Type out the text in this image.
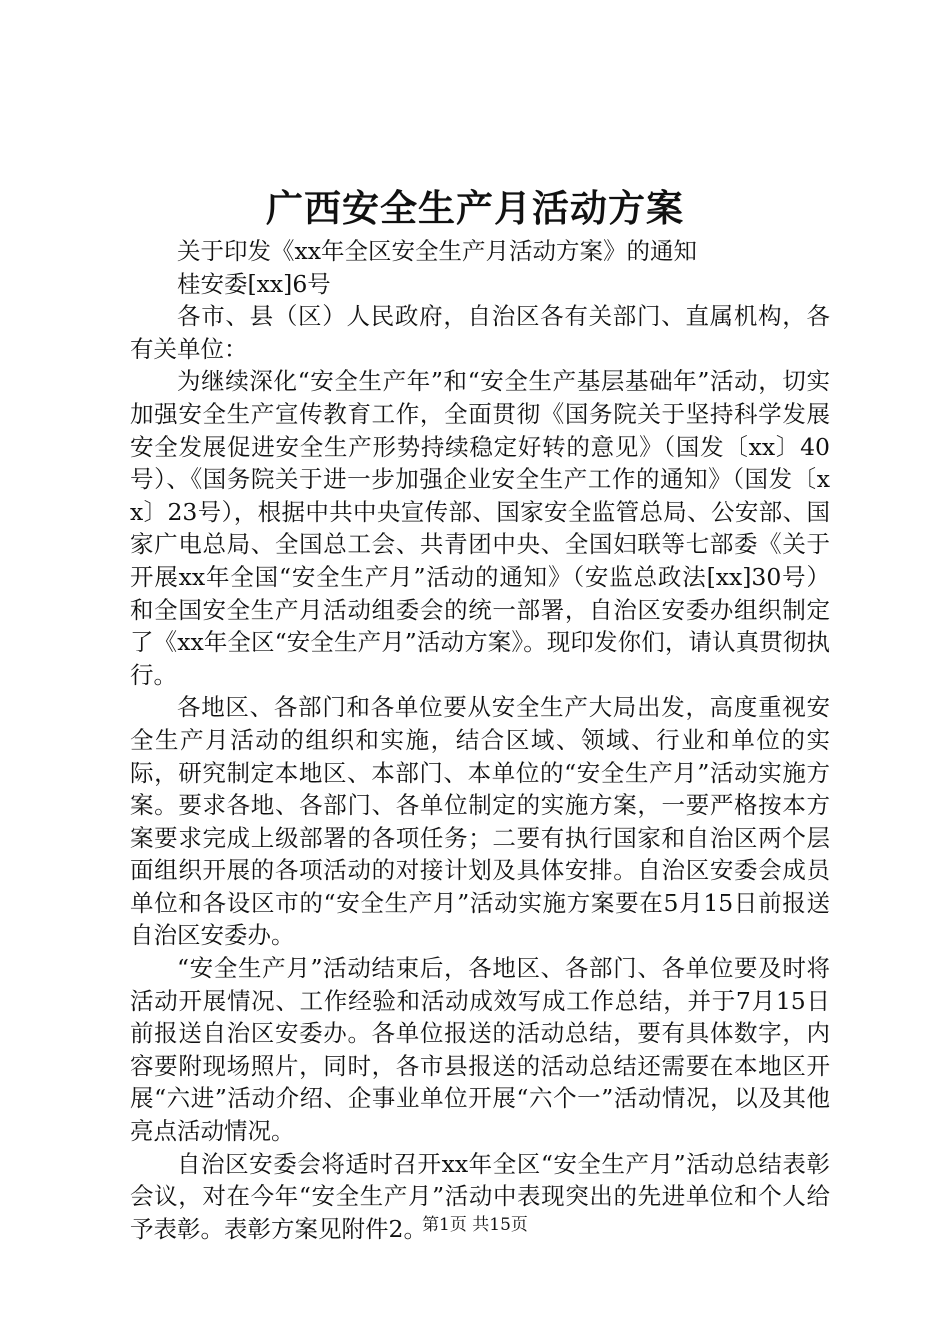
广西安全生产月活动方案

关于印发《xx年全区安全生产月活动方案》的通知

桂安委[xx]6号

各市、县（区）人民政府，自治区各有关部门、直属机构，各有关单位：

为继续深化“安全生产年”和“安全生产基层基础年”活动，切实加强安全生产宣传教育工作，全面贯彻《国务院关于坚持科学发展安全发展促进安全生产形势持续稳定好转的意见》（国发〔xx〕40号）、《国务院关于进一步加强企业安全生产工作的通知》（国发〔xx〕23号），根据中共中央宣传部、国家安全监管总局、公安部、国家广电总局、全国总工会、共青团中央、全国妇联等七部委《关于开展xx年全国“安全生产月”活动的通知》（安监总政法[xx]30号）和全国安全生产月活动组委会的统一部署，自治区安委办组织制定了《xx年全区“安全生产月”活动方案》。现印发你们，请认真贯彻执行。

各地区、各部门和各单位要从安全生产大局出发，高度重视安全生产月活动的组织和实施，结合区域、领域、行业和单位的实际，研究制定本地区、本部门、本单位的“安全生产月”活动实施方案。要求各地、各部门、各单位制定的实施方案，一要严格按本方案要求完成上级部署的各项任务；二要有执行国家和自治区两个层面组织开展的各项活动的对接计划及具体安排。自治区安委会成员单位和各设区市的“安全生产月”活动实施方案要在5月15日前报送自治区安委办。

“安全生产月”活动结束后，各地区、各部门、各单位要及时将活动开展情况、工作经验和活动成效写成工作总结，并于7月15日前报送自治区安委办。各单位报送的活动总结，要有具体数字，内容要附现场照片，同时，各市县报送的活动总结还需要在本地区开展“六进”活动介绍、企事业单位开展“六个一”活动情况，以及其他亮点活动情况。

自治区安委会将适时召开xx年全区“安全生产月”活动总结表彰会议，对在今年“安全生产月”活动中表现突出的先进单位和个人给予表彰。表彰方案见附件2。

第1页 共15页
